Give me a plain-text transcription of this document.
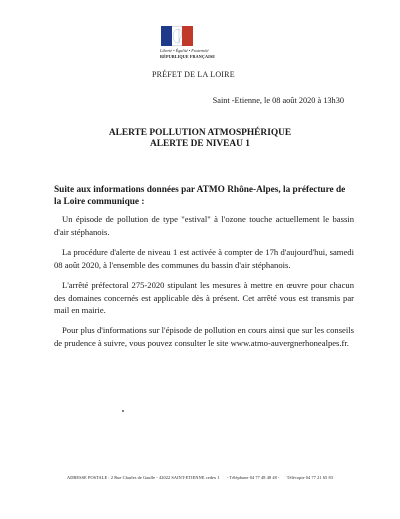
Liberté • Égalité • Fraternité
RÉPUBLIQUE FRANÇAISE
PRÉFET DE LA LOIRE
Saint -Etienne, le 08 août 2020 à 13h30
ALERTE POLLUTION ATMOSPHÉRIQUE
ALERTE DE NIVEAU 1
Suite aux informations données par ATMO Rhône-Alpes, la préfecture de la Loire communique :
Un épisode de pollution de type "estival" à l'ozone touche actuellement le bassin d'air stéphanois.
La procédure d'alerte de niveau 1 est activée à compter de 17h d'aujourd'hui, samedi 08 août 2020, à l'ensemble des communes du bassin d'air stéphanois.
L'arrêté préfectoral 275-2020 stipulant les mesures à mettre en œuvre pour chacun des domaines concernés est applicable dès à présent. Cet arrêté vous est transmis par mail en mairie.
Pour plus d'informations sur l'épisode de pollution en cours ainsi que sur les conseils de prudence à suivre, vous pouvez consulter le site www.atmo-auvergnerhonealpes.fr.
ADRESSE POSTALE : 2 Rue Charles de Gaulle - 42022 SAINT-ETIENNE cedex 1 - Téléphone 04 77 48 48 48 - Télécopie 04 77 21 65 83
